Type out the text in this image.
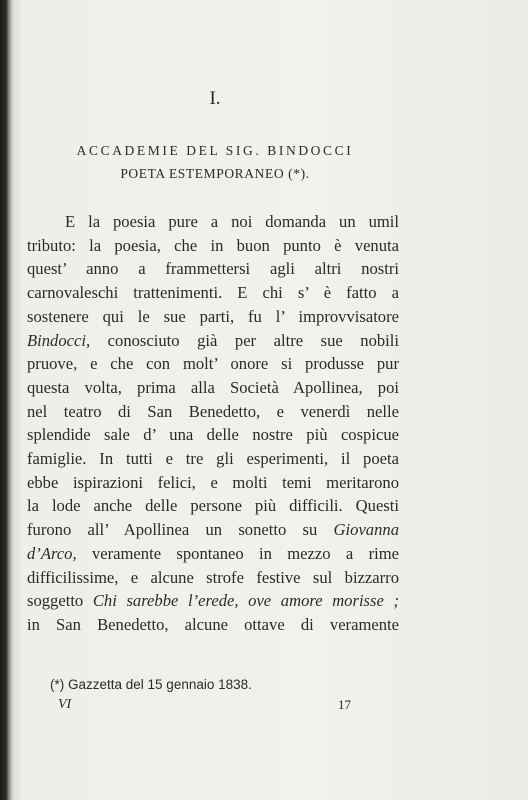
I.
ACCADEMIE DEL SIG. BINDOCCI
POETA ESTEMPORANEO (*).
E la poesia pure a noi domanda un umil
tributo: la poesia, che in buon punto è venuta
quest’ anno a frammettersi agli altri nostri
carnovaleschi trattenimenti. E chi s’ è fatto a
sostenere qui le sue parti, fu l’ improvvisatore
Bindocci, conosciuto già per altre sue nobili
pruove, e che con molt’ onore si produsse pur
questa volta, prima alla Società Apollinea, poi
nel teatro di San Benedetto, e venerdì nelle
splendide sale d’ una delle nostre più cospicue
famiglie. In tutti e tre gli esperimenti, il poeta
ebbe ispirazioni felici, e molti temi meritarono
la lode anche delle persone più difficili. Questi
furono all’ Apollinea un sonetto su Giovanna
d’Arco, veramente spontaneo in mezzo a rime
difficilissime, e alcune strofe festive sul bizzarro
soggetto Chi sarebbe l’erede, ove amore morisse ;
in San Benedetto, alcune ottave di veramente
(*) Gazzetta del 15 gennaio 1838.
VI	17
